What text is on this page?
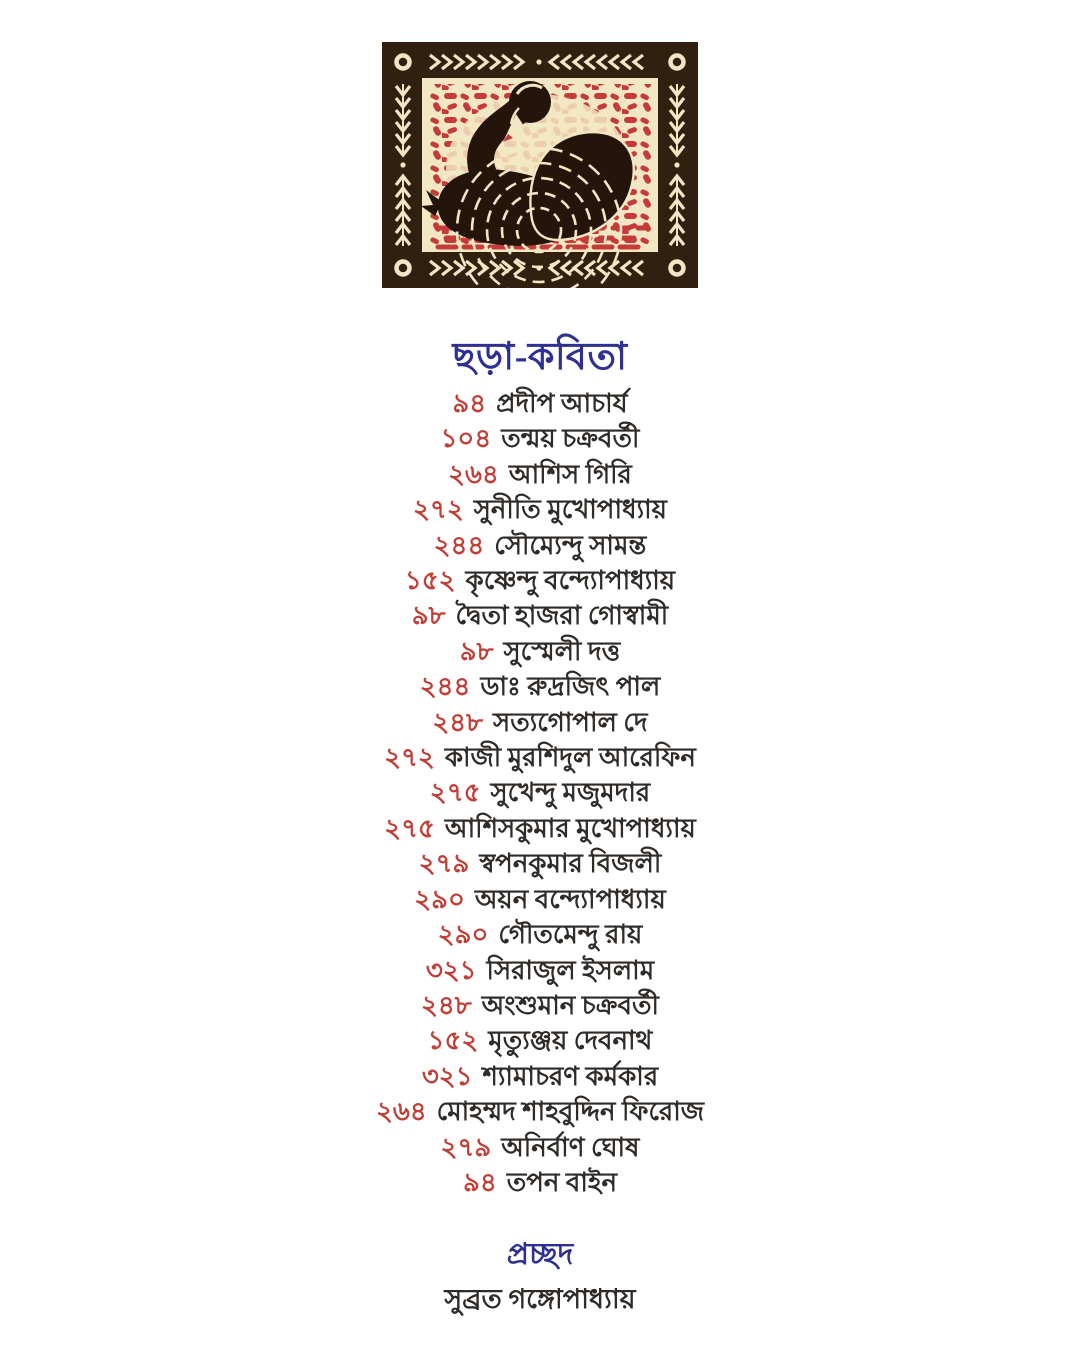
ছড়া-কবিতা
৯৪ প্রদীপ আচার্য
১০৪ তন্ময় চক্রবর্তী
২৬৪ আশিস গিরি
২৭২ সুনীতি মুখোপাধ্যায়
২৪৪ সৌম্যেন্দু সামন্ত
১৫২ কৃষ্ণেন্দু বন্দ্যোপাধ্যায়
৯৮ দ্বৈতা হাজরা গোস্বামী
৯৮ সুস্মেলী দত্ত
২৪৪ ডাঃ রুদ্রজিৎ পাল
২৪৮ সত্যগোপাল দে
২৭২ কাজী মুরশিদুল আরেফিন
২৭৫ সুখেন্দু মজুমদার
২৭৫ আশিসকুমার মুখোপাধ্যায়
২৭৯ স্বপনকুমার বিজলী
২৯০ অয়ন বন্দ্যোপাধ্যায়
২৯০ গৌতমেন্দু রায়
৩২১ সিরাজুল ইসলাম
২৪৮ অংশুমান চক্রবর্তী
১৫২ মৃত্যুঞ্জয় দেবনাথ
৩২১ শ্যামাচরণ কর্মকার
২৬৪ মোহম্মদ শাহবুদ্দিন ফিরোজ
২৭৯ অনির্বাণ ঘোষ
৯৪ তপন বাইন
প্রচ্ছদ
সুব্রত গঙ্গোপাধ্যায়
